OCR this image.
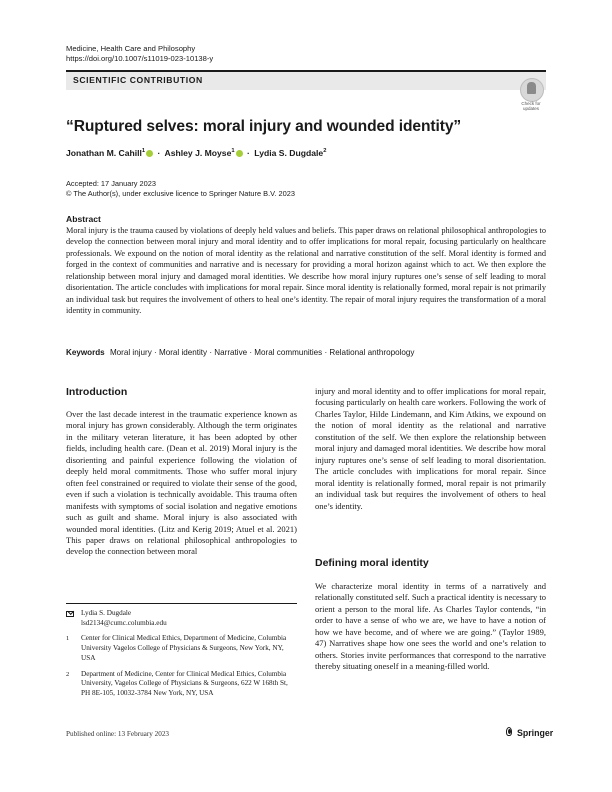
Medicine, Health Care and Philosophy
https://doi.org/10.1007/s11019-023-10138-y
SCIENTIFIC CONTRIBUTION
Check for
updates
“Ruptured selves: moral injury and wounded identity”
Jonathan M. Cahill$^1$ · Ashley J. Moyse$^1$ · Lydia S. Dugdale$^2$
Accepted: 17 January 2023
© The Author(s), under exclusive licence to Springer Nature B.V. 2023
Abstract
Moral injury is the trauma caused by violations of deeply held values and beliefs. This paper draws on relational philosophical anthropologies to develop the connection between moral injury and moral identity and to offer implications for moral repair, focusing particularly on healthcare professionals. We expound on the notion of moral identity as the relational and narrative constitution of the self. Moral identity is formed and forged in the context of communities and narrative and is necessary for providing a moral horizon against which to act. We then explore the relationship between moral injury and damaged moral identities. We describe how moral injury ruptures one’s sense of self leading to moral disorientation. The article concludes with implications for moral repair. Since moral identity is relationally formed, moral repair is not primarily an individual task but requires the involvement of others to heal one’s identity. The repair of moral injury requires the transformation of a moral identity in community.
Keywords Moral injury · Moral identity · Narrative · Moral communities · Relational anthropology
Introduction

Over the last decade interest in the traumatic experience known as moral injury has grown considerably. Although the term originates in the military veteran literature, it has been adopted by other fields, including health care. (Dean et al. 2019) Moral injury is the disorienting and painful experience following the violation of deeply held moral commitments. Those who suffer moral injury often feel constrained or required to violate their sense of the good, even if such a violation is technically avoidable. This trauma often manifests with symptoms of social isolation and negative emotions such as guilt and shame. Moral injury is also associated with wounded moral identities. (Litz and Kerig 2019; Atuel et al. 2021) This paper draws on relational philosophical anthropologies to develop the connection between moral

injury and moral identity and to offer implications for moral repair, focusing particularly on health care workers. Following the work of Charles Taylor, Hilde Lindemann, and Kim Atkins, we expound on the notion of moral identity as the relational and narrative constitution of the self. We then explore the relationship between moral injury and damaged moral identities. We describe how moral injury ruptures one’s sense of self leading to moral disorientation. The article concludes with implications for moral repair. Since moral identity is relationally formed, moral repair is not primarily an individual task but requires the involvement of others to heal one’s identity.

Defining moral identity

We characterize moral identity in terms of a narratively and relationally constituted self. Such a practical identity is necessary to orient a person to the moral life. As Charles Taylor contends, “in order to have a sense of who we are, we have to have a notion of how we have become, and of where we are going.” (Taylor 1989, 47) Narratives shape how one sees the world and one’s relation to others. Stories invite performances that correspond to the narrative thereby situating oneself in a meaning-filled world.

Lydia S. Dugdale
lsd2134@cumc.columbia.edu
1 Center for Clinical Medical Ethics, Department of Medicine, Columbia University Vagelos College of Physicians & Surgeons, New York, NY, USA
2 Department of Medicine, Center for Clinical Medical Ethics, Columbia University, Vagelos College of Physicians & Surgeons, 622 W 168th St, PH 8E-105, 10032-3784 New York, NY, USA
Published online: 13 February 2023	Springer
